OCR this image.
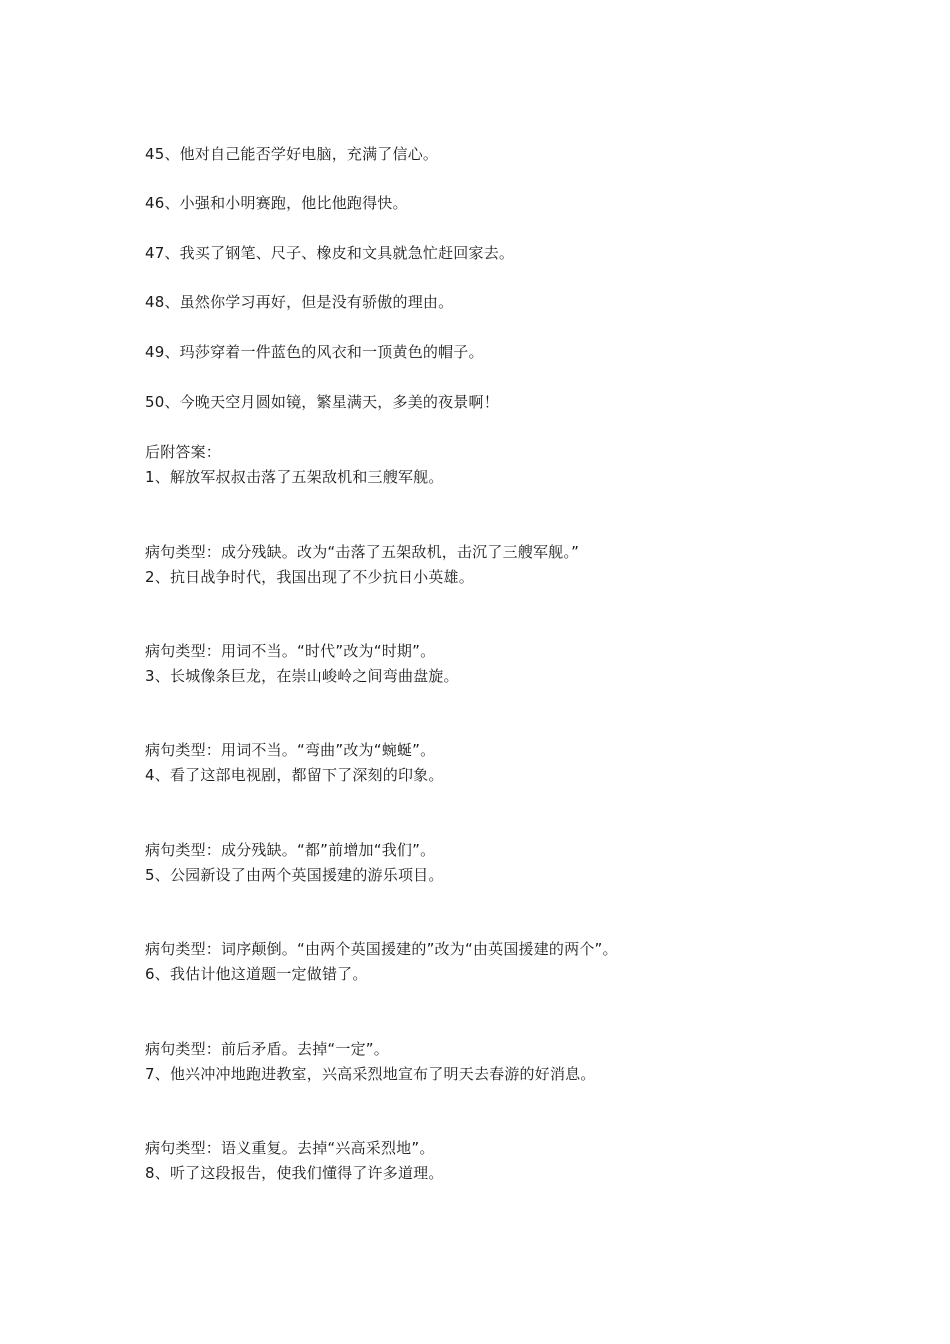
45、他对自己能否学好电脑，充满了信心。
46、小强和小明赛跑，他比他跑得快。
47、我买了钢笔、尺子、橡皮和文具就急忙赶回家去。
48、虽然你学习再好，但是没有骄傲的理由。
49、玛莎穿着一件蓝色的风衣和一顶黄色的帽子。
50、今晚天空月圆如镜，繁星满天，多美的夜景啊！
后附答案：
1、解放军叔叔击落了五架敌机和三艘军舰。
病句类型：成分残缺。改为“击落了五架敌机，击沉了三艘军舰。”
2、抗日战争时代，我国出现了不少抗日小英雄。
病句类型：用词不当。“时代”改为“时期”。
3、长城像条巨龙，在崇山峻岭之间弯曲盘旋。
病句类型：用词不当。“弯曲”改为“蜿蜒”。
4、看了这部电视剧，都留下了深刻的印象。
病句类型：成分残缺。“都”前增加“我们”。
5、公园新设了由两个英国援建的游乐项目。
病句类型：词序颠倒。“由两个英国援建的”改为“由英国援建的两个”。
6、我估计他这道题一定做错了。
病句类型：前后矛盾。去掉“一定”。
7、他兴冲冲地跑进教室，兴高采烈地宣布了明天去春游的好消息。
病句类型：语义重复。去掉“兴高采烈地”。
8、听了这段报告，使我们懂得了许多道理。
